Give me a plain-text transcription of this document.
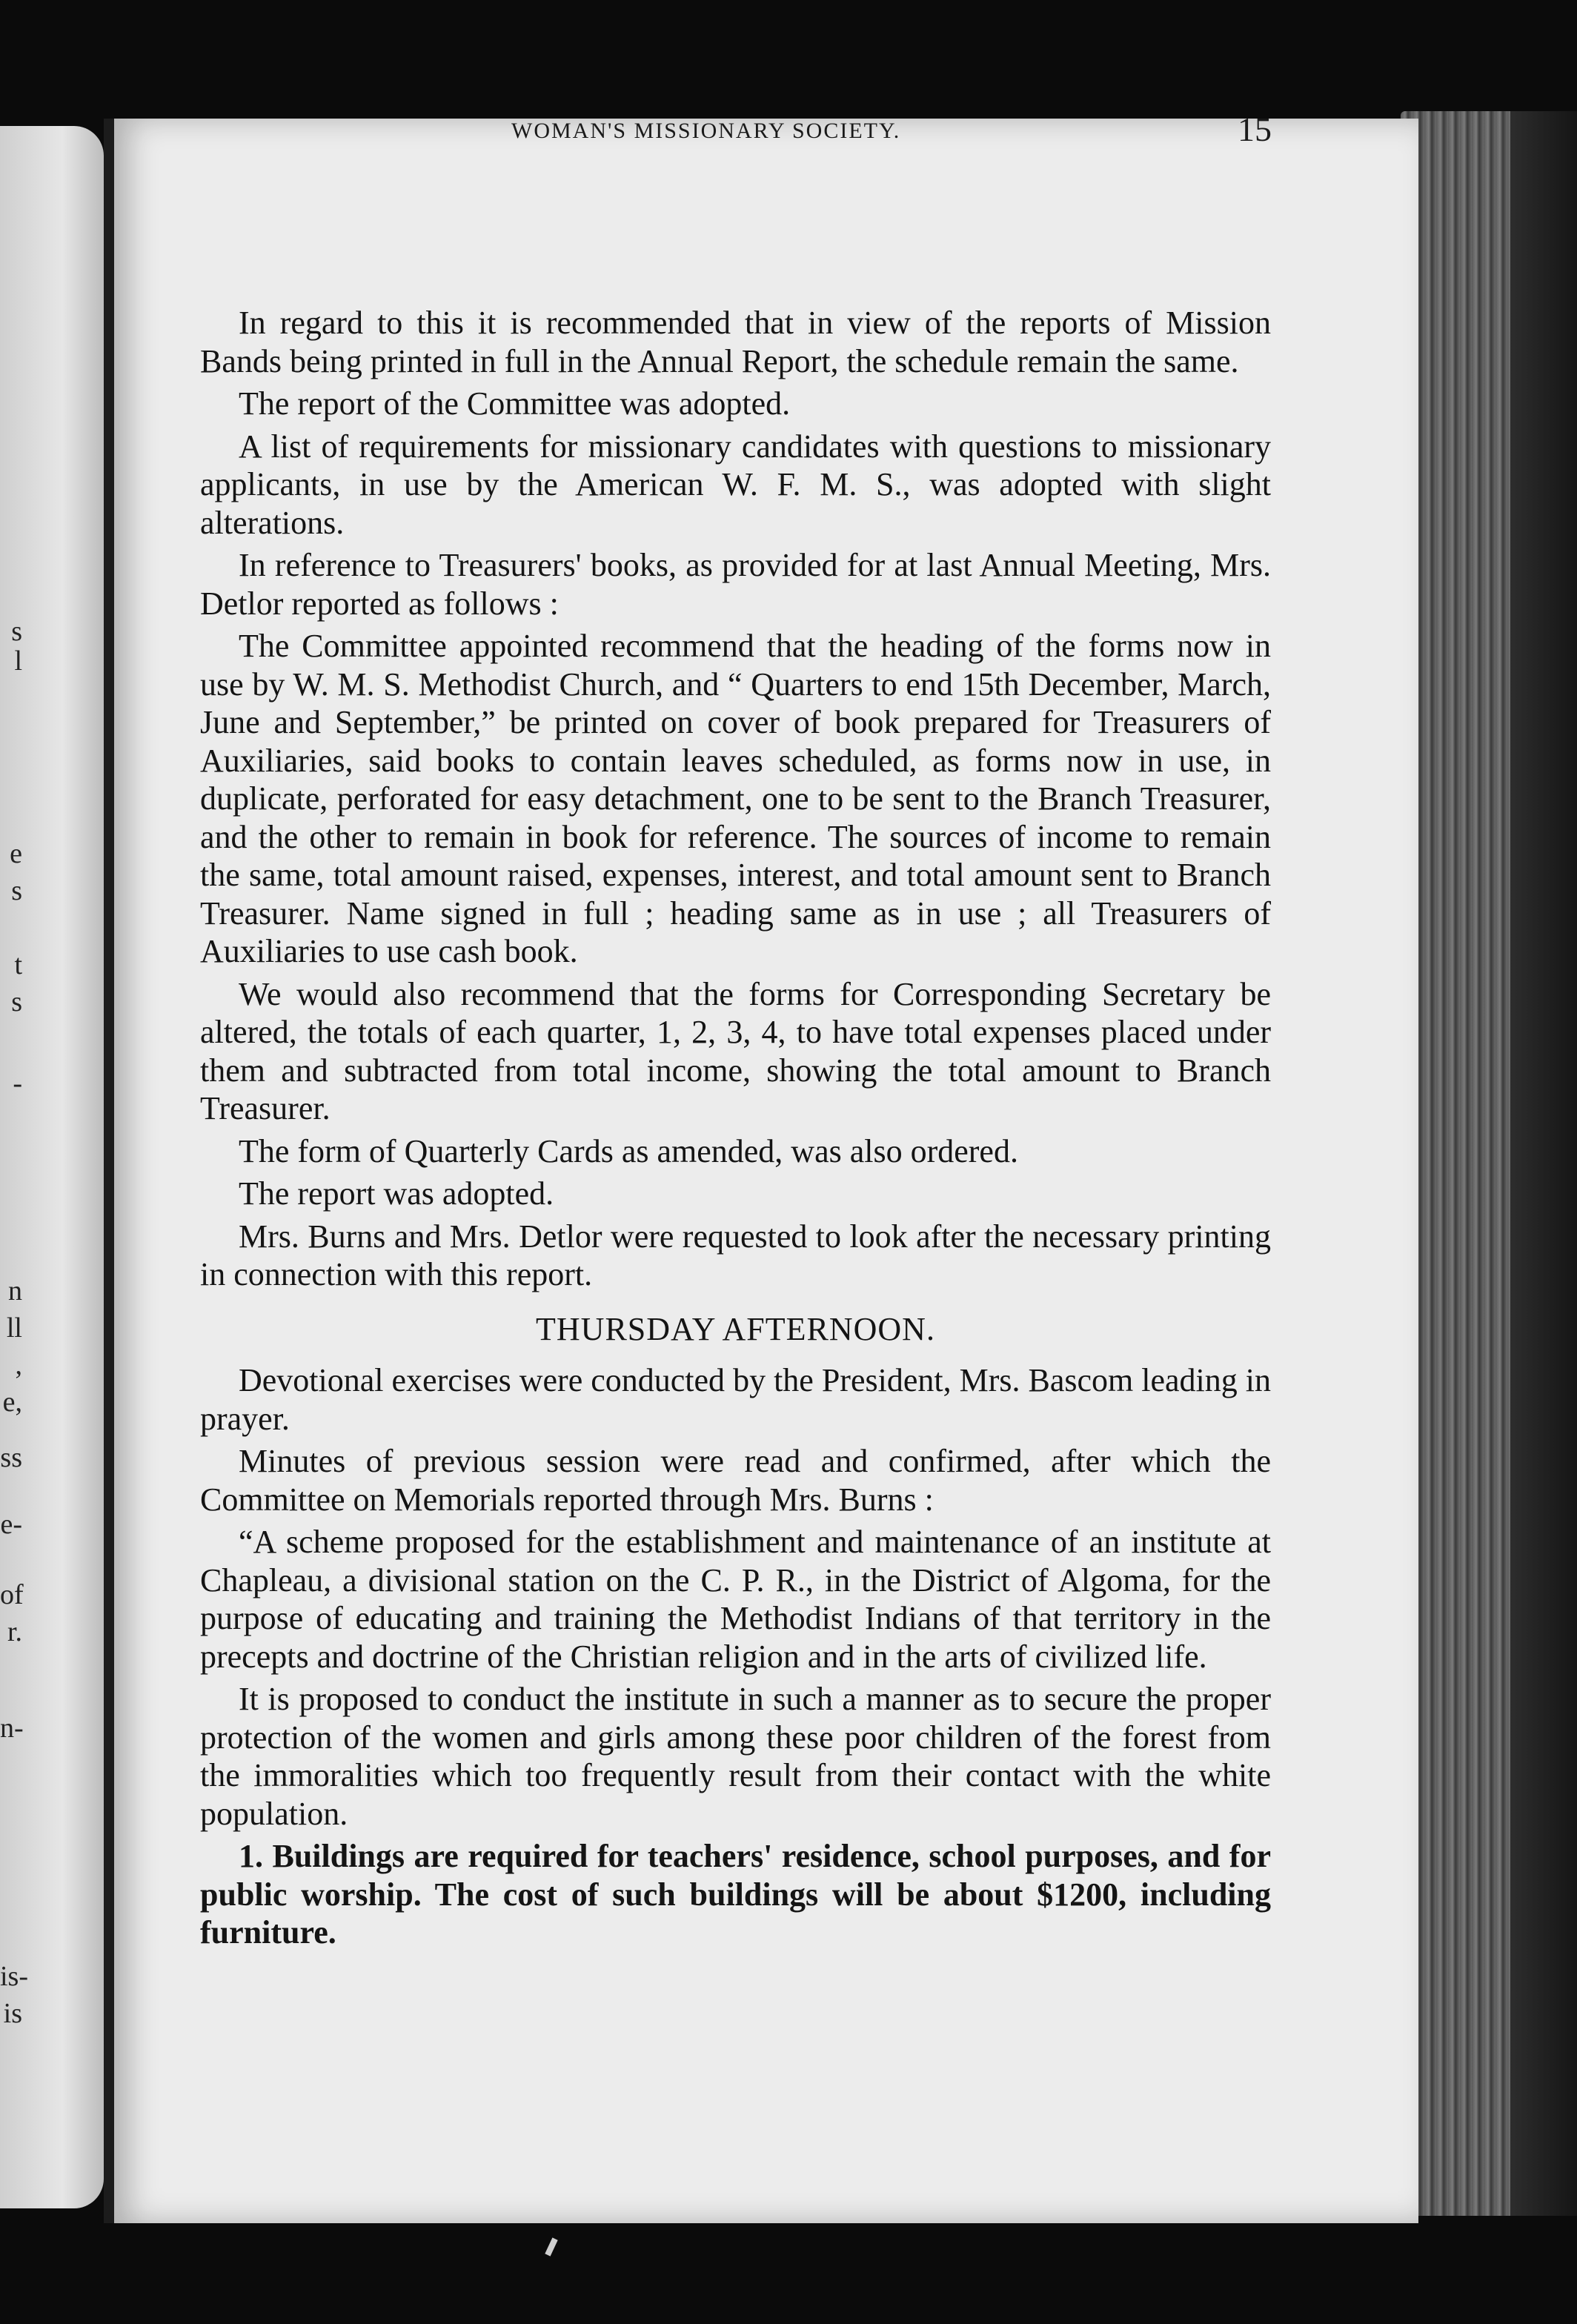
s
l
e
s
t
s
-
n
ll
,
e,
ss
e-
of
r.
n-
is-
is
WOMAN'S MISSIONARY SOCIETY.	15

In regard to this it is recommended that in view of the reports of Mission Bands being printed in full in the Annual Report, the schedule remain the same.

The report of the Committee was adopted.

A list of requirements for missionary candidates with questions to missionary applicants, in use by the American W. F. M. S., was adopted with slight alterations.

In reference to Treasurers' books, as provided for at last Annual Meeting, Mrs. Detlor reported as follows :

The Committee appointed recommend that the heading of the forms now in use by W. M. S. Methodist Church, and “ Quarters to end 15th December, March, June and September,” be printed on cover of book prepared for Treasurers of Auxiliaries, said books to contain leaves scheduled, as forms now in use, in duplicate, perforated for easy detachment, one to be sent to the Branch Treasurer, and the other to remain in book for reference. The sources of income to remain the same, total amount raised, expenses, interest, and total amount sent to Branch Treasurer. Name signed in full ; heading same as in use ; all Treasurers of Auxiliaries to use cash book.

We would also recommend that the forms for Corresponding Secretary be altered, the totals of each quarter, 1, 2, 3, 4, to have total expenses placed under them and subtracted from total income, showing the total amount to Branch Treasurer.

The form of Quarterly Cards as amended, was also ordered.

The report was adopted.

Mrs. Burns and Mrs. Detlor were requested to look after the necessary printing in connection with this report.

THURSDAY AFTERNOON.

Devotional exercises were conducted by the President, Mrs. Bascom leading in prayer.

Minutes of previous session were read and confirmed, after which the Committee on Memorials reported through Mrs. Burns :

“A scheme proposed for the establishment and maintenance of an institute at Chapleau, a divisional station on the C. P. R., in the District of Algoma, for the purpose of educating and training the Methodist Indians of that territory in the precepts and doctrine of the Christian religion and in the arts of civilized life.

It is proposed to conduct the institute in such a manner as to secure the proper protection of the women and girls among these poor children of the forest from the immoralities which too frequently result from their contact with the white population.

1. Buildings are required for teachers' residence, school purposes, and for public worship. The cost of such buildings will be about $1200, including furniture.
